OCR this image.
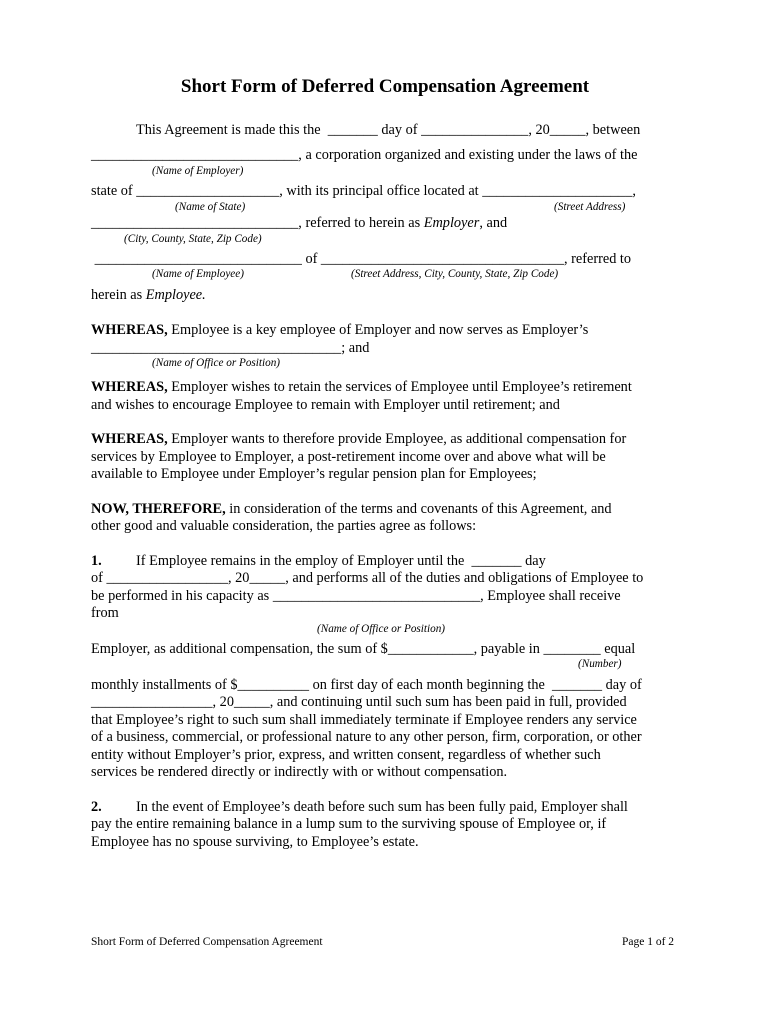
Short Form of Deferred Compensation Agreement
This Agreement is made this the  _______ day of _______________, 20_____, between
_____________________________, a corporation organized and existing under the laws of the
(Name of Employer)
state of ____________________, with its principal office located at _____________________,
(Name of State)	(Street Address)
_____________________________, referred to herein as Employer, and
(City, County, State, Zip Code)
_____________________________ of __________________________________, referred to
(Name of Employee)	(Street Address, City, County, State, Zip Code)
herein as Employee.
WHEREAS, Employee is a key employee of Employer and now serves as Employer’s
___________________________________; and
(Name of Office or Position)
WHEREAS, Employer wishes to retain the services of Employee until Employee’s retirement
and wishes to encourage Employee to remain with Employer until retirement; and
WHEREAS, Employer wants to therefore provide Employee, as additional compensation for
services by Employee to Employer, a post-retirement income over and above what will be
available to Employee under Employer’s regular pension plan for Employees;
NOW, THEREFORE, in consideration of the terms and covenants of this Agreement, and
other good and valuable consideration, the parties agree as follows:
1. If Employee remains in the employ of Employer until the  _______ day
of _________________, 20_____, and performs all of the duties and obligations of Employee to
be performed in his capacity as _____________________________, Employee shall receive
from
(Name of Office or Position)
Employer, as additional compensation, the sum of $____________, payable in ________ equal
(Number)
monthly installments of $__________ on first day of each month beginning the  _______ day of
_________________, 20_____, and continuing until such sum has been paid in full, provided
that Employee’s right to such sum shall immediately terminate if Employee renders any service
of a business, commercial, or professional nature to any other person, firm, corporation, or other
entity without Employer’s prior, express, and written consent, regardless of whether such
services be rendered directly or indirectly with or without compensation.
2. In the event of Employee’s death before such sum has been fully paid, Employer shall
pay the entire remaining balance in a lump sum to the surviving spouse of Employee or, if
Employee has no spouse surviving, to Employee’s estate.
Short Form of Deferred Compensation Agreement	Page 1 of 2
